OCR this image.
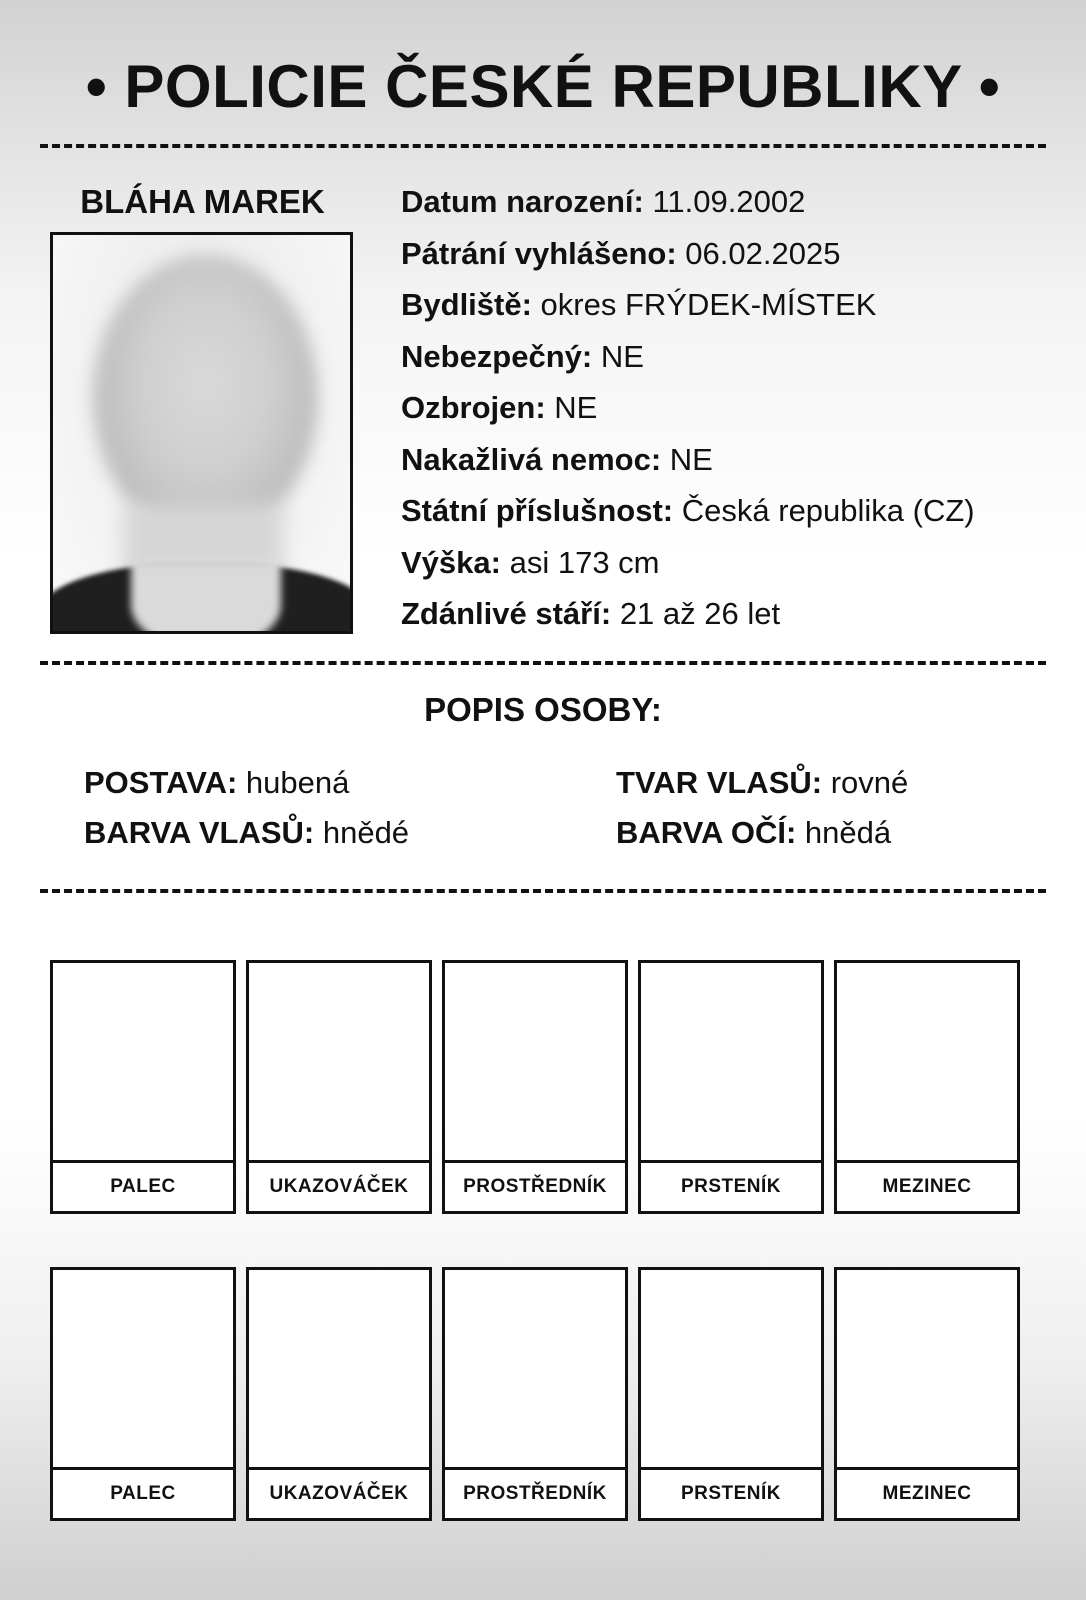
• POLICIE ČESKÉ REPUBLIKY •
BLÁHA MAREK	Datum narození: 11.09.2002
Pátrání vyhlášeno: 06.02.2025
Bydliště: okres FRÝDEK-MÍSTEK
Nebezpečný: NE
Ozbrojen: NE
Nakažlivá nemoc: NE
Státní příslušnost: Česká republika (CZ)
Výška: asi 173 cm
Zdánlivé stáří: 21 až 26 let
POPIS OSOBY:
POSTAVA: hubená	TVAR VLASŮ: rovné
BARVA VLASŮ: hnědé	BARVA OČÍ: hnědá
PALEC	UKAZOVÁČEK	PROSTŘEDNÍK	PRSTENÍK	MEZINEC
PALEC	UKAZOVÁČEK	PROSTŘEDNÍK	PRSTENÍK	MEZINEC
